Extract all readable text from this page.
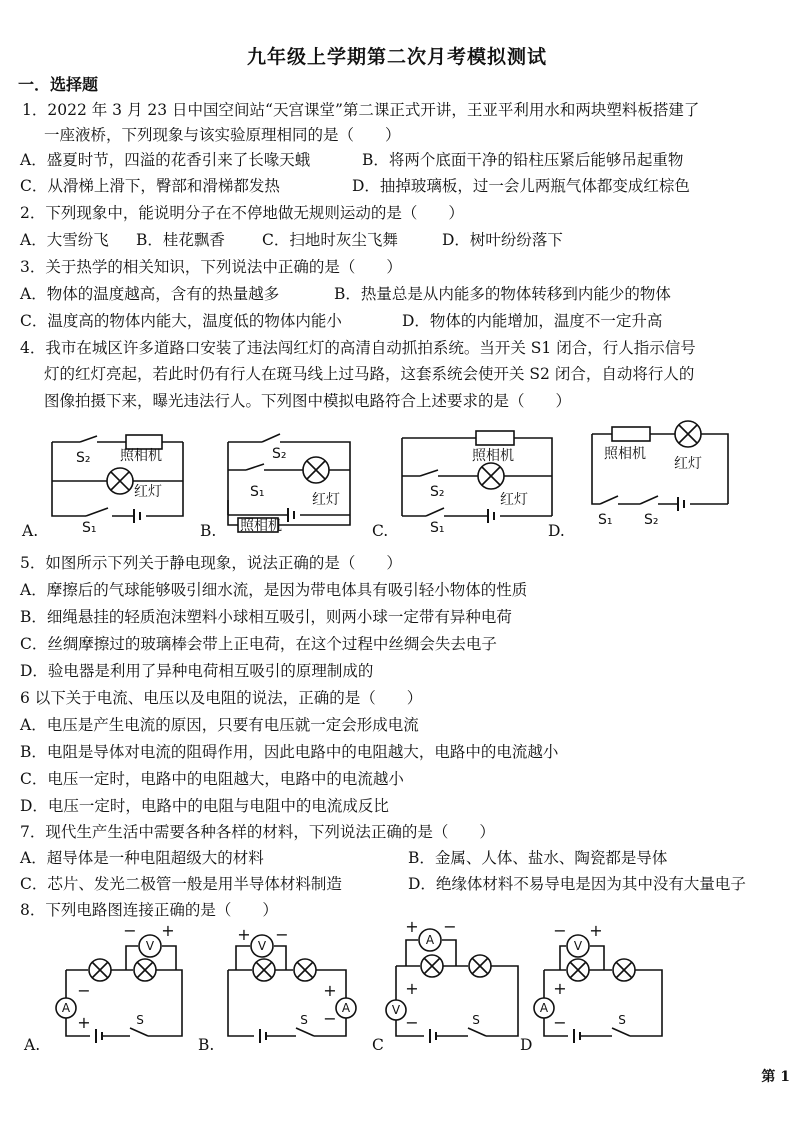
九年级上学期第二次月考模拟测试
一．选择题
1．2022 年 3 月 23 日中国空间站“天宫课堂”第二课正式开讲，王亚平利用水和两块塑料板搭建了
一座液桥，下列现象与该实验原理相同的是（　　）
A．盛夏时节，四溢的花香引来了长喙天蛾	B．将两个底面干净的铅柱压紧后能够吊起重物
C．从滑梯上滑下，臀部和滑梯都发热	D．抽掉玻璃板，过一会儿两瓶气体都变成红棕色
2．下列现象中，能说明分子在不停地做无规则运动的是（　　）
A．大雪纷飞 B．桂花飘香 C．扫地时灰尘飞舞	D．树叶纷纷落下
3．关于热学的相关知识，下列说法中正确的是（　　）
A．物体的温度越高，含有的热量越多	B．热量总是从内能多的物体转移到内能少的物体
C．温度高的物体内能大，温度低的物体内能小	D．物体的内能增加，温度不一定升高
4．我市在城区许多道路口安装了违法闯红灯的高清自动抓拍系统。当开关 S1 闭合，行人指示信号
灯的红灯亮起，若此时仍有行人在斑马线上过马路，这套系统会使开关 S2 闭合，自动将行人的
图像拍摄下来，曝光违法行人。下列图中模拟电路符合上述要求的是（　　）
S₂ 照相机
红灯
S₁
S₂
S₁	红灯
照相机
照相机
S₂	红灯
S₁
照相机
红灯
S₁ S₂
A.	B.	C.	D.
5．如图所示下列关于静电现象，说法正确的是（　　）
A．摩擦后的气球能够吸引细水流，是因为带电体具有吸引轻小物体的性质
B．细绳悬挂的轻质泡沫塑料小球相互吸引，则两小球一定带有异种电荷
C．丝绸摩擦过的玻璃棒会带上正电荷，在这个过程中丝绸会失去电子
D．验电器是利用了异种电荷相互吸引的原理制成的
6 以下关于电流、电压以及电阻的说法，正确的是（　　）
A．电压是产生电流的原因，只要有电压就一定会形成电流
B．电阻是导体对电流的阻碍作用，因此电路中的电阻越大，电路中的电流越小
C．电压一定时，电路中的电阻越大，电路中的电流越小
D．电压一定时，电路中的电阻与电阻中的电流成反比
7．现代生产生活中需要各种各样的材料，下列说法正确的是（　　）
A．超导体是一种电阻超级大的材料	B．金属、人体、盐水、陶瓷都是导体
C．芯片、发光二极管一般是用半导体材料制造	D．绝缘体材料不易导电是因为其中没有大量电子
8．下列电路图连接正确的是（　　）
V
A
S
− +
−
+
V
A
S
+ −
+
−
A
V
S
+ −
+
−
V
A
S
− +
+
−
A.	B.	C	D
第 1
